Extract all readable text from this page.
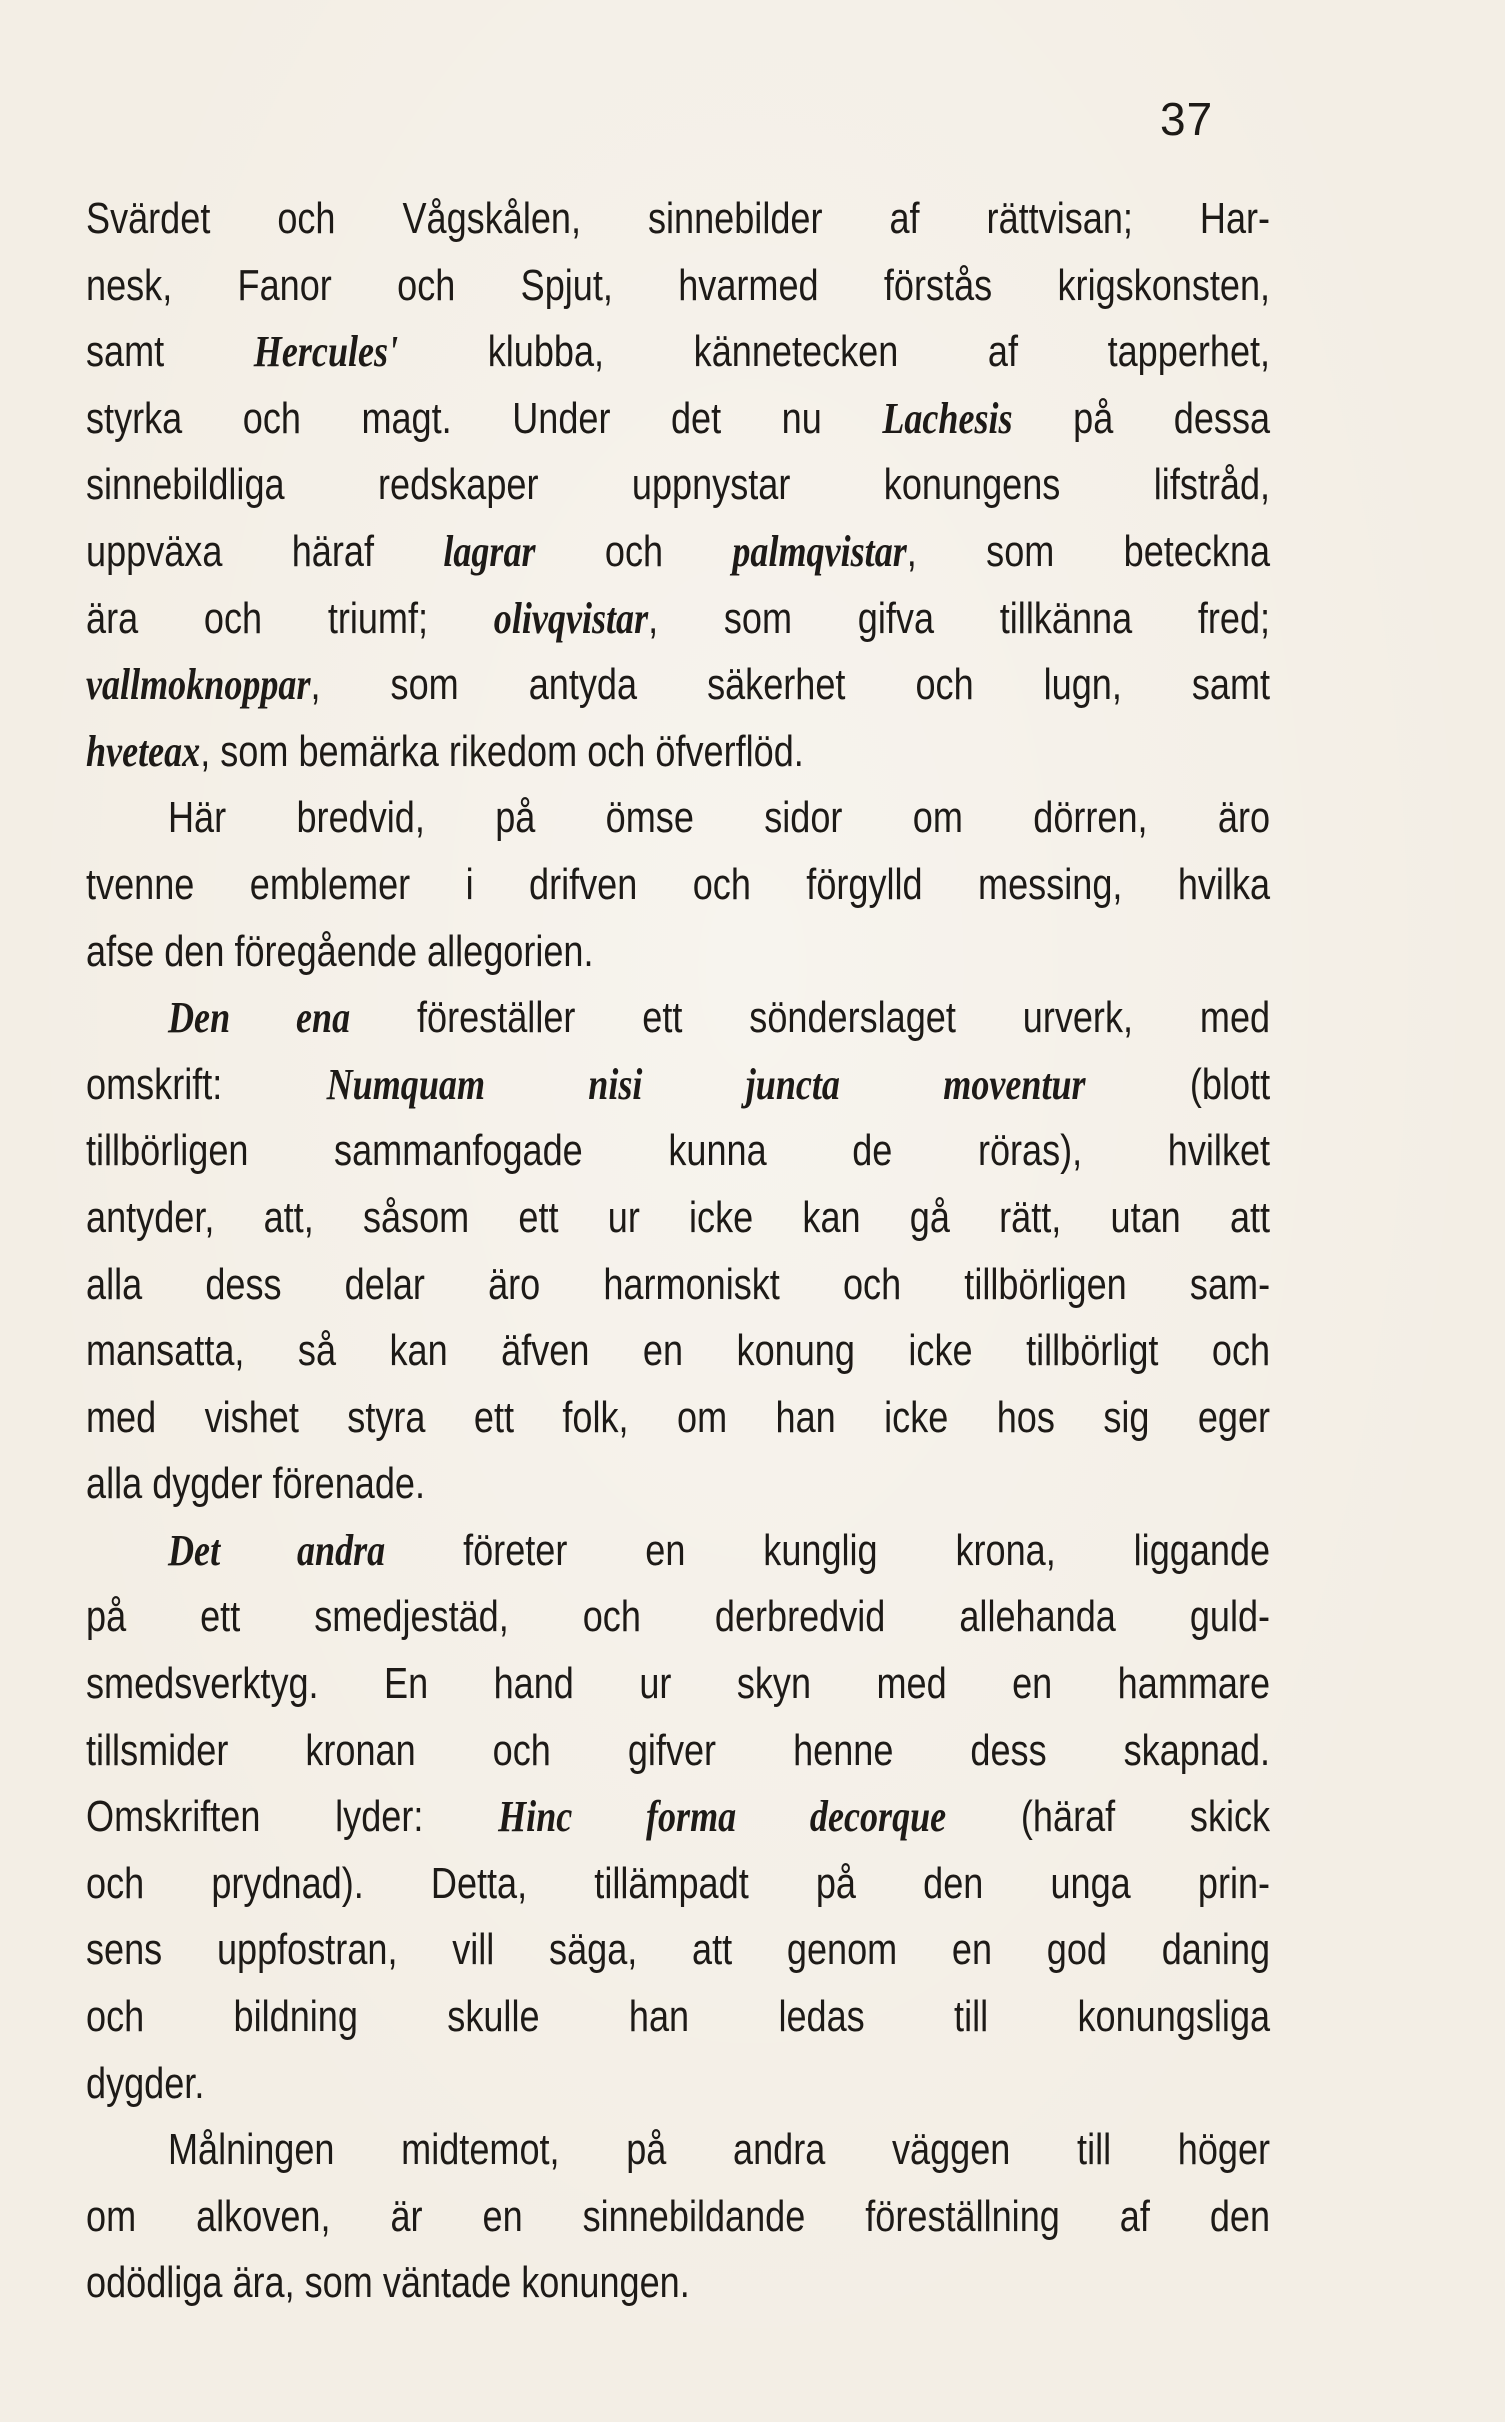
37
Svärdet och Vågskålen, sinnebilder af rättvisan; Har-
nesk, Fanor och Spjut, hvarmed förstås krigskonsten,
samt Hercules' klubba, kännetecken af tapperhet,
styrka och magt. Under det nu Lachesis på dessa
sinnebildliga redskaper uppnystar konungens lifstråd,
uppväxa häraf lagrar och palmqvistar, som beteckna
ära och triumf; olivqvistar, som gifva tillkänna fred;
vallmoknoppar, som antyda säkerhet och lugn, samt
hveteax, som bemärka rikedom och öfverflöd.
Här bredvid, på ömse sidor om dörren, äro
tvenne emblemer i drifven och förgylld messing, hvilka
afse den föregående allegorien.
Den ena föreställer ett sönderslaget urverk, med
omskrift: Numquam nisi juncta moventur (blott
tillbörligen sammanfogade kunna de röras), hvilket
antyder, att, såsom ett ur icke kan gå rätt, utan att
alla dess delar äro harmoniskt och tillbörligen sam-
mansatta, så kan äfven en konung icke tillbörligt och
med vishet styra ett folk, om han icke hos sig eger
alla dygder förenade.
Det andra företer en kunglig krona, liggande
på ett smedjestäd, och derbredvid allehanda guld-
smedsverktyg. En hand ur skyn med en hammare
tillsmider kronan och gifver henne dess skapnad.
Omskriften lyder: Hinc forma decorque (häraf skick
och prydnad). Detta, tillämpadt på den unga prin-
sens uppfostran, vill säga, att genom en god daning
och bildning skulle han ledas till konungsliga
dygder.
Målningen midtemot, på andra väggen till höger
om alkoven, är en sinnebildande föreställning af den
odödliga ära, som väntade konungen.
